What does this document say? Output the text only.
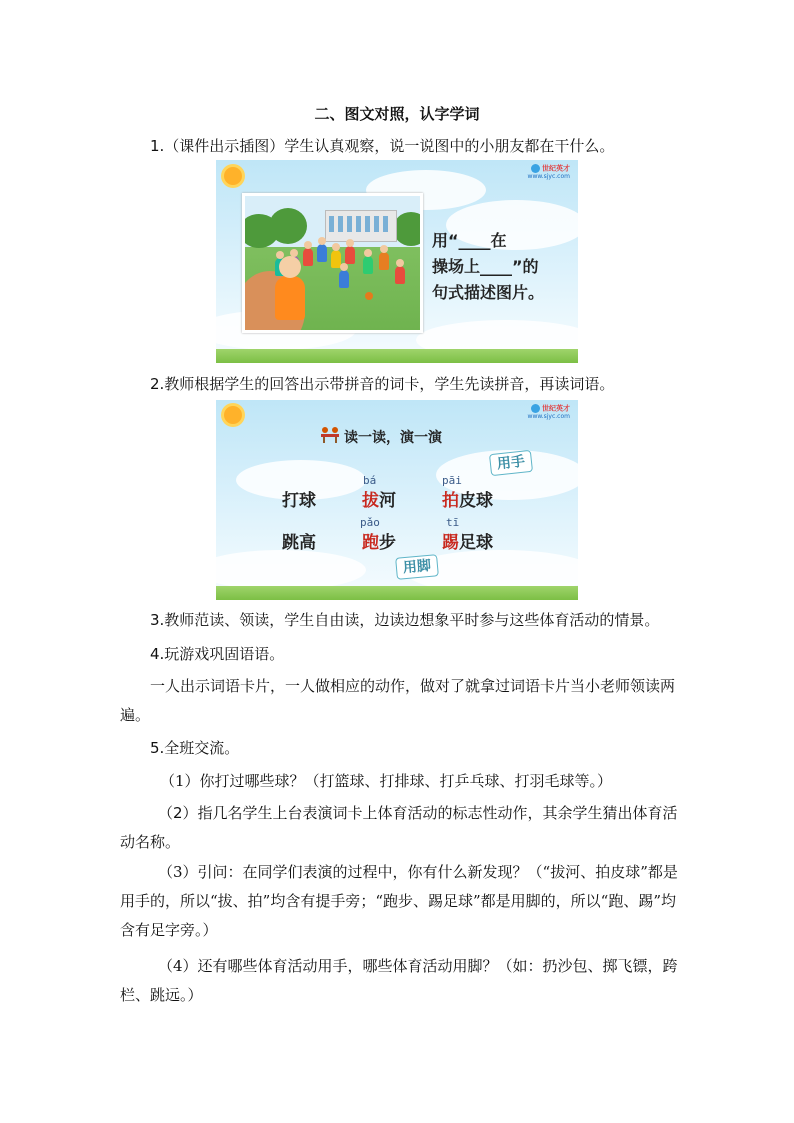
二、图文对照，认字学词
1.（课件出示插图）学生认真观察，说一说图中的小朋友都在干什么。
世纪英才
www.sjyc.com
用“____在
操场上____”的
句式描述图片。
2.教师根据学生的回答出示带拼音的词卡，学生先读拼音，再读词语。
世纪英才
www.sjyc.com
读一读，演一演
用手
用脚
打球
bá
拔河
pāi
拍皮球
跳高
pǎo
跑步
tī
踢足球
3.教师范读、领读，学生自由读，边读边想象平时参与这些体育活动的情景。
4.玩游戏巩固语语。
一人出示词语卡片，一人做相应的动作，做对了就拿过词语卡片当小老师领读两遍。
5.全班交流。
（1）你打过哪些球？（打篮球、打排球、打乒乓球、打羽毛球等。）
（2）指几名学生上台表演词卡上体育活动的标志性动作，其余学生猜出体育活动名称。
（3）引问：在同学们表演的过程中，你有什么新发现？（“拔河、拍皮球”都是用手的，所以“拔、拍”均含有提手旁；“跑步、踢足球”都是用脚的，所以“跑、踢”均含有足字旁。）
（4）还有哪些体育活动用手，哪些体育活动用脚？（如：扔沙包、掷飞镖，跨栏、跳远。）
